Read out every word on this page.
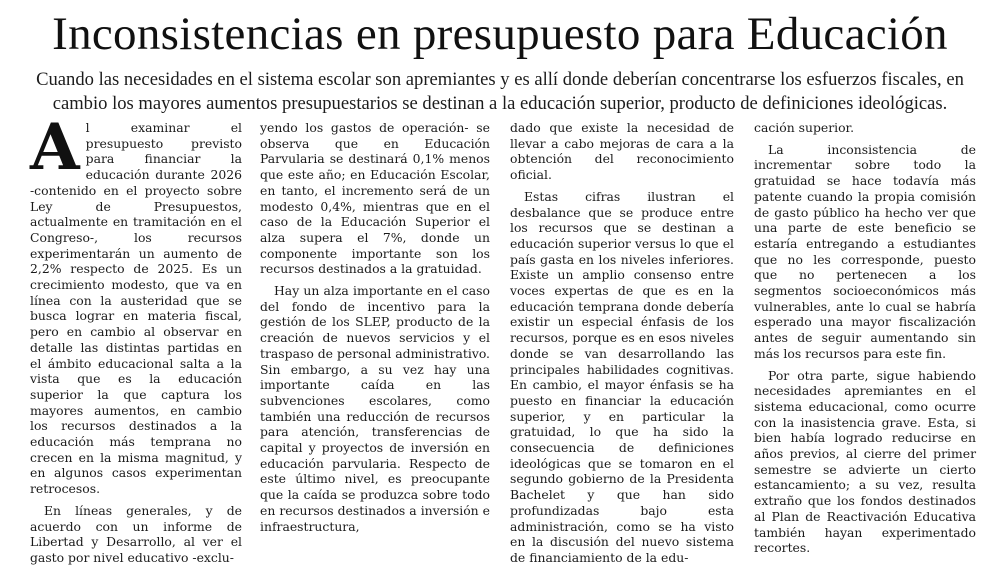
Inconsistencias en presupuesto para Educación

Cuando las necesidades en el sistema escolar son apremiantes y es allí donde deberían concentrarse los esfuerzos fiscales, en cambio los mayores aumentos presupuestarios se destinan a la educación superior, producto de definiciones ideológicas.

Al examinar el presupuesto previsto para financiar la educación durante 2026 -contenido en el proyecto sobre Ley de Presupuestos, actualmente en tramitación en el Congreso-, los recursos experimentarán un aumento de 2,2% respecto de 2025. Es un crecimiento modesto, que va en línea con la austeridad que se busca lograr en materia fiscal, pero en cambio al observar en detalle las distintas partidas en el ámbito educacional salta a la vista que es la educación superior la que captura los mayores aumentos, en cambio los recursos destinados a la educación más temprana no crecen en la misma magnitud, y en algunos casos experimentan retrocesos.

En líneas generales, y de acuerdo con un informe de Libertad y Desarrollo, al ver el gasto por nivel educativo -exclu-

yendo los gastos de operación- se observa que en Educación Parvularia se destinará 0,1% menos que este año; en Educación Escolar, en tanto, el incremento será de un modesto 0,4%, mientras que en el caso de la Educación Superior el alza supera el 7%, donde un componente importante son los recursos destinados a la gratuidad.

Hay un alza importante en el caso del fondo de incentivo para la gestión de los SLEP, producto de la creación de nuevos servicios y el traspaso de personal administrativo. Sin embargo, a su vez hay una importante caída en las subvenciones escolares, como también una reducción de recursos para atención, transferencias de capital y proyectos de inversión en educación parvularia. Respecto de este último nivel, es preocupante que la caída se produzca sobre todo en recursos destinados a inversión e infraestructura,

dado que existe la necesidad de llevar a cabo mejoras de cara a la obtención del reconocimiento oficial.

Estas cifras ilustran el desbalance que se produce entre los recursos que se destinan a educación superior versus lo que el país gasta en los niveles inferiores. Existe un amplio consenso entre voces expertas de que es en la educación temprana donde debería existir un especial énfasis de los recursos, porque es en esos niveles donde se van desarrollando las principales habilidades cognitivas. En cambio, el mayor énfasis se ha puesto en financiar la educación superior, y en particular la gratuidad, lo que ha sido la consecuencia de definiciones ideológicas que se tomaron en el segundo gobierno de la Presidenta Bachelet y que han sido profundizadas bajo esta administración, como se ha visto en la discusión del nuevo sistema de financiamiento de la edu-

cación superior.

La inconsistencia de incrementar sobre todo la gratuidad se hace todavía más patente cuando la propia comisión de gasto público ha hecho ver que una parte de este beneficio se estaría entregando a estudiantes que no les corresponde, puesto que no pertenecen a los segmentos socioeconómicos más vulnerables, ante lo cual se habría esperado una mayor fiscalización antes de seguir aumentando sin más los recursos para este fin.

Por otra parte, sigue habiendo necesidades apremiantes en el sistema educacional, como ocurre con la inasistencia grave. Esta, si bien había logrado reducirse en años previos, al cierre del primer semestre se advierte un cierto estancamiento; a su vez, resulta extraño que los fondos destinados al Plan de Reactivación Educativa también hayan experimentado recortes.
